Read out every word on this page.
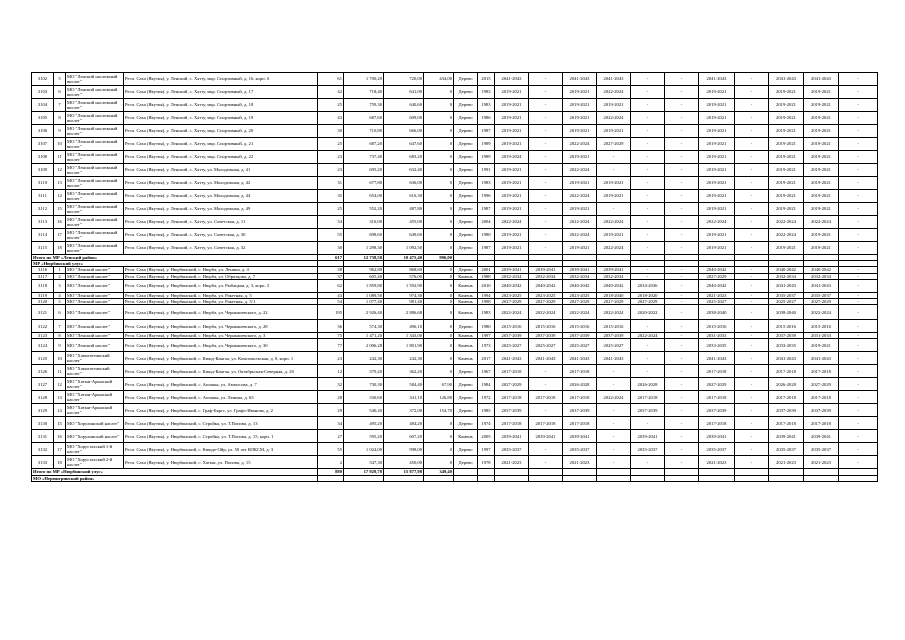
3102	5	МО "Ленский наслежный вислег"	Респ. Саха (Якутия), у. Ленский, с. Хатту, мкр. Спортивный, д. 16, корп. б	61	1 700,20	720,00	434,00	Дерево	2015	2041-2043	-	2041-2043	2041-2043	-	-	2041-2043	-	2041-2043	2041-2043	-
3103	6	МО "Ленский наслежный вислег"	Респ. Саха (Якутия), у. Ленский, с. Хатту, мкр. Спортивный, д. 17	42	718,40	641,00	0	Дерево	1983	2019-2021	-	2019-2021	2022-2024	-	-	2019-2021	-	2019-2021	2019-2021	-
3104	7	МО "Ленский наслежный вислег"	Респ. Саха (Якутия), у. Ленский, с. Хатту, мкр. Спортивный, д. 18	25	759,30	640,60	0	Дерево	1983	2019-2021	-	2019-2021	2019-2021	-	-	2019-2021	-	2019-2021	2019-2021	-
3105	8	МО "Ленский наслежный вислег"	Респ. Саха (Якутия), у. Ленский, с. Хатту, мкр. Спортивный, д. 19	43	687,60	609,00	0	Дерево	1986	2019-2021	-	2019-2021	2022-2024	-	-	2019-2021	-	2019-2021	2019-2021	-
3106	9	МО "Ленский наслежный вислег"	Респ. Саха (Якутия), у. Ленский, с. Хатту, мкр. Спортивный, д. 20	30	710,80	666,00	0	Дерево	1987	2019-2021	-	2019-2021	2019-2021	-	-	2019-2021	-	2019-2021	2019-2021	-
3107	10	МО "Ленский наслежный вислег"	Респ. Саха (Якутия), у. Ленский, с. Хатту, мкр. Спортивный, д. 21	25	687,20	647,60	0	Дерево	1989	2019-2021	-	2022-2024	2027-2029	-	-	2019-2021	-	2019-2021	2019-2021	-
3108	11	МО "Ленский наслежный вислег"	Респ. Саха (Якутия), у. Ленский, с. Хатту, мкр. Спортивный, д. 22	23	737,40	683,20	0	Дерево	1989	2019-2024	-	2019-2021	-	-	-	2019-2021	-	2019-2021	2019-2021	-
3109	12	МО "Ленский наслежный вислег"	Респ. Саха (Якутия), у. Ленский, с. Хатту, ул. Молодежная, д. 41	23	695,20	632,40	0	Дерево	1991	2019-2021	-	2022-2024	-	-	-	2019-2021	-	2019-2021	2019-2021	-
3110	13	МО "Ленский наслежный вислег"	Респ. Саха (Якутия), у. Ленский, с. Хатту, ул. Молодежная, д. 42	31	677,80	636,00	0	Дерево	1983	2019-2021	-	2019-2021	2019-2021	-	-	2019-2021	-	2019-2021	2019-2021	-
3111	14	МО "Ленский наслежный вислег"	Респ. Саха (Якутия), у. Ленский, с. Хатту, ул. Молодежная, д. 44	35	654,00	616,30	0	Дерево	1996	2019-2021	-	2022-2024	2019-2021	-	-	2019-2021	-	2019-2021	2019-2021	-
3112	15	МО "Ленский наслежный вислег"	Респ. Саха (Якутия), у. Ленский, с. Хатту, ул. Молодежная, д. 49	25	552,20	487,80	0	Дерево	1987	2019-2021	-	2019-2021	-	-	-	2019-2021	-	2019-2021	2019-2021	-
3113	16	МО "Ленский наслежный вислег"	Респ. Саха (Якутия), у. Ленский, с. Хатту, ул. Советская, д. 11	54	316,00	455,00	0	Дерево	2004	2022-2024	-	2022-2024	2022-2024	-	-	2022-2024	-	2022-2024	2022-2024	-
3114	17	МО "Ленский наслежный вислег"	Респ. Саха (Якутия), у. Ленский, с. Хатту, ул. Советская, д. 30	55	698,60	649,60	0	Дерево	1980	2019-2021	-	2022-2024	2019-2021	-	-	2019-2021	-	2022-2024	2019-2021	-
3115	18	МО "Ленский наслежный вислег"	Респ. Саха (Якутия), у. Ленский, с. Хатту, ул. Советская, д. 32	30	1 298,30	1 092,50	0	Дерево	1987	2019-2021	-	2019-2021	2022-2024	-	-	2019-2021	-	2019-2021	2019-2021	-
Итого по МР «Ленский район»				617	12 738,50	10 475,40	996,00													
МР «Нюрбинский улус»																				
3116	1	МО "Ленский наслег"	Респ. Саха (Якутия), у. Нюрбинский, с. Нюрба, ул. Ленина, д. 4	38	962,80	868,60	0	Дерево	2001	2039-2041	2039-2041	2039-2041	2039-2041	-	-	2040-2042	-	2040-2042	2040-2042	-
3117	2	МО "Ленский наслег"	Респ. Саха (Якутия), у. Нюрбинский, с. Нюрба, ул. Образцова, д. 7	37	605,40	576,00	0	Камень	1988	2032-2034	2032-2034	2032-2034	2032-2034	-	-	2027-2029	-	2032-2034	2032-2034	-
3118	3	МО "Ленский наслег"	Респ. Саха (Якутия), у. Нюрбинский, с. Нюрба, ул. Рыбацкая, д. 3, корп. 3	62	1 859,80	1 592,90	0	Камень	2010	2040-2042	2040-2042	2040-2042	2040-2042	2034-2036	-	2040-2042	-	2041-2043	2041-2043	-
3119	4	МО "Ленский наслег"	Респ. Саха (Якутия), у. Нюрбинский, с. Нюрба, ул. Ракетная, д. 5	43	1 089,50	974,30	0	Камень	1994	2023-2025	2023-2025	2023-2025	2018-2040	2018-2020	-	2021-2023	-	2035-2037	2035-2037	-
3120	5	МО "Ленский наслег"	Респ. Саха (Якутия), у. Нюрбинский, с. Нюрба, ул. Ракетная, д. 5/1	54	1 077,40	981,40	0	Камень	1998	2027-2029	2027-2029	2027-2029	2027-2029	2027-2029	-	2025-2027	-	2025-2027	2027-2029	-
3121	6	МО "Ленский наслег"	Респ. Саха (Якутия), у. Нюрбинский, с. Нюрба, ул. Чернышевского, д. 22	195	2 926,40	2 886,68	0	Камень	1983	2022-2024	2022-2024	2022-2024	2022-2024	2020-2022	-	2038-2040	-	2038-2040	2022-2024	-
3122	7	МО "Ленский наслег"	Респ. Саха (Якутия), у. Нюрбинский, с. Нюрба, ул. Чернышевского, д. 28	36	574,30	496,10	0	Дерево	1980	2015-2016	2015-2016	2015-2016	2015-2016	-	-	2015-2016	-	2015-2016	2015-2016	-
3123	8	МО "Ленский наслег"	Респ. Саха (Якутия), у. Нюрбинский, с. Нюрба, ул. Чернышевского, д. 3	75	1 471,20	1 343,00	0	Камень	1997	2037-2039	2037-2039	2037-2039	2037-2039	2022-2024	-	2031-2033	-	2037-2039	2031-2033	-
3124	9	МО "Ленский наслег"	Респ. Саха (Якутия), у. Нюрбинский, с. Нюрба, ул. Чернышевского, д. 30	77	2 006,28	1 801,90	0	Камень	1973	2025-2027	2025-2027	2025-2027	2025-2027	-	-	2033-2035	-	2033-2035	2019-2021	-
3125	10	МО "Хамагаттинский наслег"	Респ. Саха (Якутия), у. Нюрбинский, с. Кюнд-Кангаа, ул. Комсомольская, д. 8, корп. 1	23	242,30	242,30	0	Камень	2017	2041-2043	2041-2043	2041-2043	2041-2043	-	-	2041-2043	-	2041-2043	2041-2043	-
3126	11	МО "Хамагаттинский наслег"	Респ. Саха (Якутия), у. Нюрбинский, с. Кюнд-Кангаа, ул. Октябрьская-Северная, д. 20	12	379,20	362,20	0	Дерево	1967	2017-2018	-	2017-2018	-	-	-	2017-2018	-	2017-2018	2017-2018	-
3127	12	МО "Хатыи-Арынский наслег"	Респ. Саха (Якутия), у. Нюрбинский, с. Аппаны, ул. Аммосова, д. 7	32	730,30	584,40	67,90	Дерево	1984	2027-2029	-	2026-2028	-	2026-2028	-	2027-2029	-	2026-2028	2027-2029	-
3128	13	МО "Хатыи-Арынский наслег"	Респ. Саха (Якутия), у. Нюрбинский, с. Аппаны, ул. Ленина, д. 65	28	330,60	341,10	126,80	Дерево	1972	2017-2018	2017-2018	2017-2018	2022-2024	2017-2018	-	2017-2018	-	2017-2018	2017-2018	-
3129	14	МО "Хатыи-Арынский наслег"	Респ. Саха (Якутия), у. Нюрбинский, с. Граф-Бяргс, ул. Графо-Иванова, д. 2	29	540,20	372,00	154,70	Дерево	1985	2037-2039	-	2037-2039	-	2037-2039	-	2037-2039	-	2037-2039	2037-2039	-
3130	15	МО "Хорулинский наслег"	Респ. Саха (Якутия), у. Нюрбинский, с. Стройка, ул. Т.Попова, д. 13	34	495,20	484,20	0	Дерево	1974	2017-2018	2017-2018	2017-2018	-	-	-	2017-2018	-	2017-2018	2017-2018	-
3131	16	МО "Хорулинский наслег"	Респ. Саха (Якутия), у. Нюрбинский, с. Стройка, ул. Т.Попова, д. 15, корп. 1	27	595,20	607,20	0	Камень	2005	2039-2041	2039-2041	2039-2041	-	2039-2041	-	2039-2041	-	2039-2041	2039-2041	-
3132	17	МО "Хорустахский 1-й наслег"	Респ. Саха (Якутия), у. Нюрбинский, с. Кюнде-Ойр, ул. 50 лет ВЛКСМ, д. 3	55	1 024,00	998,00	0	Дерево	1997	2035-2037	-	2035-2037	-	2035-2037	-	2035-2037	-	2035-2037	2035-2037	-
3133	18	МО "Хорустахский 2-й наслег"	Респ. Саха (Якутия), у. Нюрбинский, с. Хатыи, ул. Попова, д. 15	2	547,30	450,00	0	Дерево	1978	2021-2023	-	2021-2023	-	-	-	2021-2023	-	2021-2023	2021-2023	-
Итого по МР «Нюрбинский улус»				880	17 929,78	15 877,98	349,40													
МО «Нерюнгринский район»																				
